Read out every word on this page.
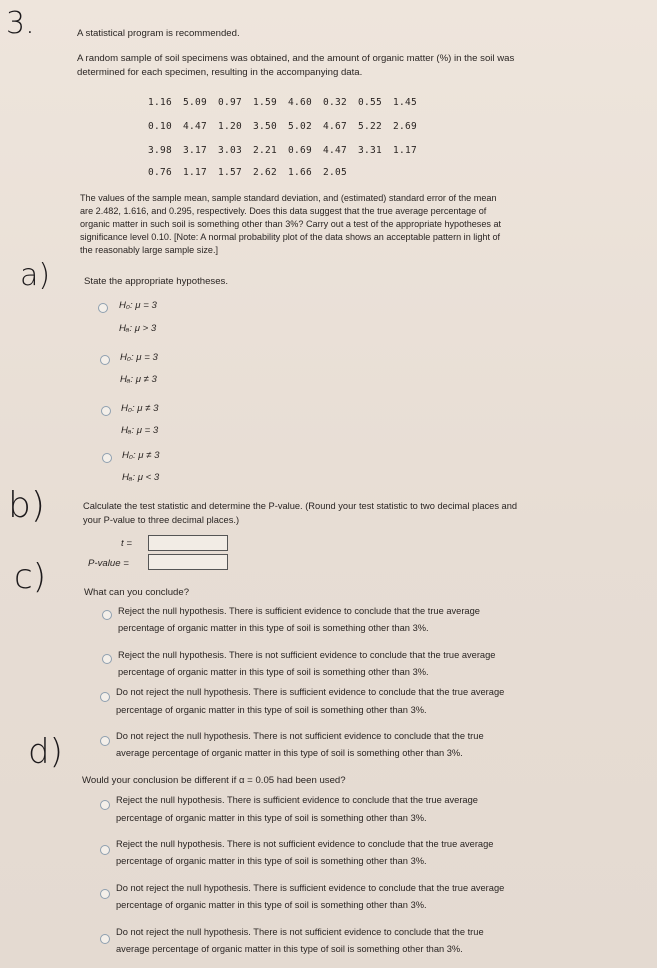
3.
a)
b)
c)
d)
A statistical program is recommended.
A random sample of soil specimens was obtained, and the amount of organic matter (%) in the soil was
determined for each specimen, resulting in the accompanying data.
1.16	5.09	0.97	1.59	4.60	0.32	0.55	1.45
0.10	4.47	1.20	3.50	5.02	4.67	5.22	2.69
3.98	3.17	3.03	2.21	0.69	4.47	3.31	1.17
0.76	1.17	1.57	2.62	1.66	2.05
The values of the sample mean, sample standard deviation, and (estimated) standard error of the mean
are 2.482, 1.616, and 0.295, respectively. Does this data suggest that the true average percentage of
organic matter in such soil is something other than 3%? Carry out a test of the appropriate hypotheses at
significance level 0.10. [Note: A normal probability plot of the data shows an acceptable pattern in light of
the reasonably large sample size.]
State the appropriate hypotheses.
H₀: μ = 3
Hₐ: μ > 3
H₀: μ = 3
Hₐ: μ ≠ 3
H₀: μ ≠ 3
Hₐ: μ = 3
H₀: μ ≠ 3
Hₐ: μ < 3
Calculate the test statistic and determine the P-value. (Round your test statistic to two decimal places and
your P-value to three decimal places.)
t =
P-value =
What can you conclude?
Reject the null hypothesis. There is sufficient evidence to conclude that the true average
percentage of organic matter in this type of soil is something other than 3%.
Reject the null hypothesis. There is not sufficient evidence to conclude that the true average
percentage of organic matter in this type of soil is something other than 3%.
Do not reject the null hypothesis. There is sufficient evidence to conclude that the true average
percentage of organic matter in this type of soil is something other than 3%.
Do not reject the null hypothesis. There is not sufficient evidence to conclude that the true
average percentage of organic matter in this type of soil is something other than 3%.
Would your conclusion be different if α = 0.05 had been used?
Reject the null hypothesis. There is sufficient evidence to conclude that the true average
percentage of organic matter in this type of soil is something other than 3%.
Reject the null hypothesis. There is not sufficient evidence to conclude that the true average
percentage of organic matter in this type of soil is something other than 3%.
Do not reject the null hypothesis. There is sufficient evidence to conclude that the true average
percentage of organic matter in this type of soil is something other than 3%.
Do not reject the null hypothesis. There is not sufficient evidence to conclude that the true
average percentage of organic matter in this type of soil is something other than 3%.
